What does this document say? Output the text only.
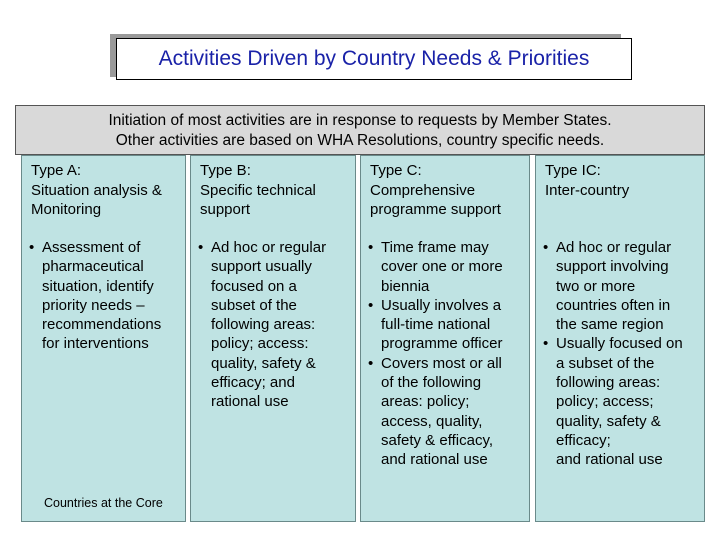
Activities Driven by Country Needs & Priorities
Initiation of most activities are in response to requests by Member States.
Other activities are based on WHA Resolutions, country specific needs.
Type A:
Situation analysis &
Monitoring
• Assessment of
pharmaceutical
situation, identify
priority needs –
recommendations
for interventions
Type B:
Specific technical
support
• Ad hoc or regular
support usually
focused on a
subset of the
following areas:
policy; access:
quality, safety &
efficacy; and
rational use
Type C:
Comprehensive
programme support
• Time frame may
cover one or more
biennia
• Usually involves a
full-time national
programme officer
• Covers most or all
of the following
areas: policy;
access, quality,
safety & efficacy,
and rational use
Type IC:
Inter-country
• Ad hoc or regular
support involving
two or more
countries often in
the same region
• Usually focused on
a subset of the
following areas:
policy; access;
quality, safety &
efficacy;
and rational use
Countries at the Core
